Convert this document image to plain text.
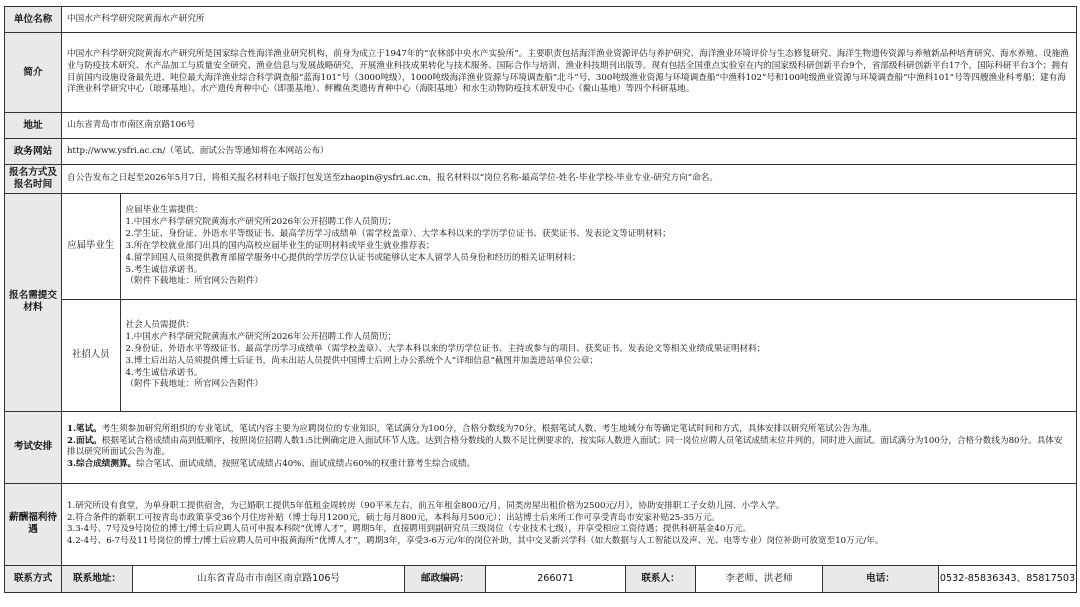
单位名称	中国水产科学研究院黄海水产研究所
简介	中国水产科学研究院黄海水产研究所是国家综合性海洋渔业研究机构，前身为成立于1947年的“农林部中央水产实验所”。主要职责包括海洋渔业资源评估与养护研究、海洋渔业环境评价与生态修复研究、海洋生物遗传资源与养殖新品种培育研究、海水养殖、设施渔业与防疫技术研究、水产品加工与质量安全研究、渔业信息与发展战略研究，开展渔业科技成果转化与技术服务、国际合作与培训、渔业科技期刊出版等。现有包括全国重点实验室在内的国家级科研创新平台9个，省部级科研创新平台17个，国际科研平台3个；拥有目前国内设施设备最先进、吨位最大海洋渔业综合科学调查船“蓝海101”号（3000吨级），1000吨级海洋渔业资源与环境调查船“北斗”号、300吨级渔业资源与环境调查船“中渔科102”号和100吨级渔业资源与环境调查船“中渔科101”号等四艘渔业科考船；建有海洋渔业科学研究中心（琅琊基地）、水产遗传育种中心（即墨基地）、鲆鲽鱼类遗传育种中心（海阳基地）和水生动物防疫技术研发中心（鳌山基地）等四个科研基地。
地址	山东省青岛市市南区南京路106号
政务网站	http://www.ysfri.ac.cn/（笔试、面试公告等通知将在本网站公布）
报名方式及报名时间	自公告发布之日起至2026年5月7日，将相关报名材料电子版打包发送至zhaopin@ysfri.ac.cn，报名材料以“岗位名称-最高学位-姓名-毕业学校-毕业专业-研究方向”命名。
报名需提交材料	
应届毕业生	应届毕业生需提供：
1.中国水产科学研究院黄海水产研究所2026年公开招聘工作人员简历；
2.学生证、身份证、外语水平等级证书、最高学历学习成绩单（需学校盖章）、大学本科以来的学历学位证书、获奖证书、发表论文等证明材料；
3.所在学校就业部门出具的国内高校应届毕业生的证明材料或毕业生就业推荐表；
4.留学回国人员须提供教育部留学服务中心提供的学历学位认证书或能够认定本人留学人员身份和经历的相关证明材料；
5.考生诚信承诺书。
（附件下载地址：所官网公告附件）
社招人员	社会人员需提供：
1.中国水产科学研究院黄海水产研究所2026年公开招聘工作人员简历；
2.身份证、外语水平等级证书、最高学历学习成绩单（需学校盖章）、大学本科以来的学历学位证书、主持或参与的项目、获奖证书、发表论文等相关业绩成果证明材料；
3.博士后出站人员须提供博士后证书，尚未出站人员提供中国博士后网上办公系统个人“详细信息”截图并加盖进站单位公章；
4.考生诚信承诺书。
（附件下载地址：所官网公告附件）

考试安排	
1.笔试。考生须参加研究所组织的专业笔试，笔试内容主要为应聘岗位的专业知识，笔试满分为100分，合格分数线为70分。根据笔试人数、考生地域分布等确定笔试时间和方式，具体安排以研究所笔试公告为准。
2.面试。根据笔试合格成绩由高到低顺序，按照岗位招聘人数1:5比例确定进入面试环节人选。达到合格分数线的人数不足比例要求的，按实际人数进入面试；同一岗位应聘人员笔试成绩末位并列的，同时进入面试。面试满分为100分，合格分数线为80分。具体安排以研究所面试公告为准。
3.综合成绩测算。综合笔试、面试成绩，按照笔试成绩占40%、面试成绩占60%的权重计算考生综合成绩。

薪酬福利待遇	1.研究所设有食堂，为单身职工提供宿舍，为已婚职工提供5年低租金周转房（90平米左右，前五年租金800元/月，同类房屋出租价格为2500元/月），协助安排职工子女幼儿园、小学入学。
2.符合条件的新职工可按青岛市政策享受36个月住房补贴（博士每月1200元，硕士每月800元，本科每月500元）；出站博士后来所工作可享受青岛市安家补贴25-35万元。
3.3-4号、7号及9号岗位的博士/博士后应聘人员可申报本科院“优博人才”，聘期5年，直接聘用到副研究员三级岗位（专业技术七级），并享受相应工资待遇；提供科研基金40万元。
4.2-4号、6-7号及11号岗位的博士/博士后应聘人员可申报黄海所“优博人才”，聘期3年，享受3-6万元/年的岗位补助，其中交叉新兴学科（如大数据与人工智能以及声、光、电等专业）岗位补助可放宽至10万元/年。
联系方式	联系地址：	山东省青岛市市南区南京路106号	邮政编码：	266071	联系人：	李老师、洪老师	电话：	0532-85836343、85817503
